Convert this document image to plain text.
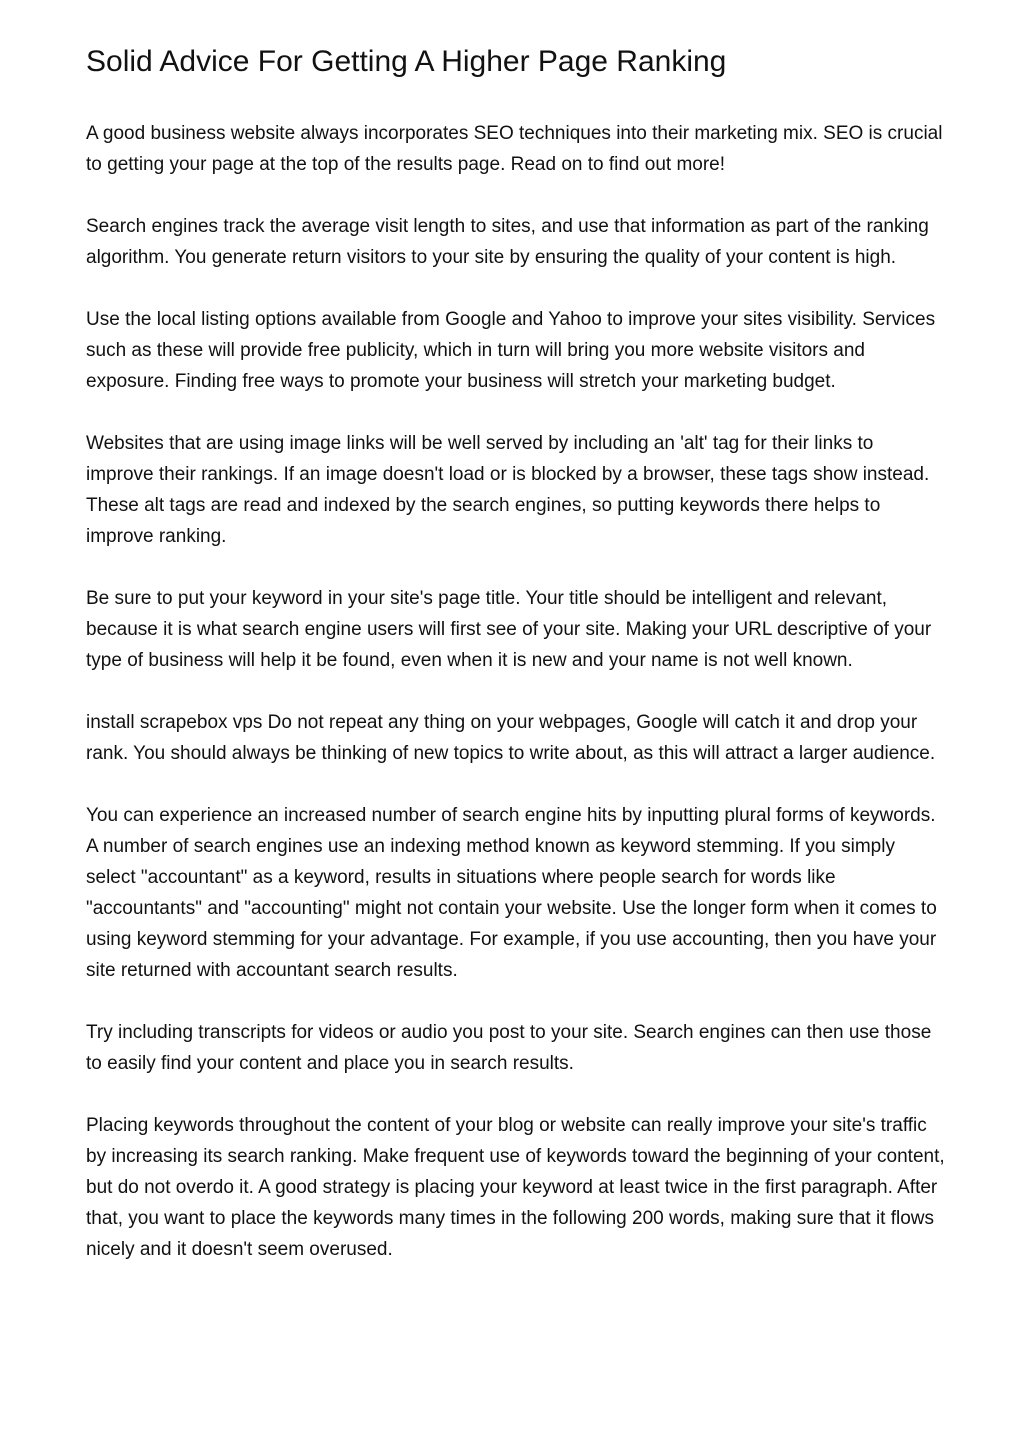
Solid Advice For Getting A Higher Page Ranking

A good business website always incorporates SEO techniques into their marketing mix. SEO is crucial to getting your page at the top of the results page. Read on to find out more!

Search engines track the average visit length to sites, and use that information as part of the ranking algorithm. You generate return visitors to your site by ensuring the quality of your content is high.

Use the local listing options available from Google and Yahoo to improve your sites visibility. Services such as these will provide free publicity, which in turn will bring you more website visitors and exposure. Finding free ways to promote your business will stretch your marketing budget.

Websites that are using image links will be well served by including an 'alt' tag for their links to improve their rankings. If an image doesn't load or is blocked by a browser, these tags show instead. These alt tags are read and indexed by the search engines, so putting keywords there helps to improve ranking.

Be sure to put your keyword in your site's page title. Your title should be intelligent and relevant, because it is what search engine users will first see of your site. Making your URL descriptive of your type of business will help it be found, even when it is new and your name is not well known.

install scrapebox vps Do not repeat any thing on your webpages, Google will catch it and drop your rank. You should always be thinking of new topics to write about, as this will attract a larger audience.

You can experience an increased number of search engine hits by inputting plural forms of keywords. A number of search engines use an indexing method known as keyword stemming. If you simply select "accountant" as a keyword, results in situations where people search for words like "accountants" and "accounting" might not contain your website. Use the longer form when it comes to using keyword stemming for your advantage. For example, if you use accounting, then you have your site returned with accountant search results.

Try including transcripts for videos or audio you post to your site. Search engines can then use those to easily find your content and place you in search results.

Placing keywords throughout the content of your blog or website can really improve your site's traffic by increasing its search ranking. Make frequent use of keywords toward the beginning of your content, but do not overdo it. A good strategy is placing your keyword at least twice in the first paragraph. After that, you want to place the keywords many times in the following 200 words, making sure that it flows nicely and it doesn't seem overused.
